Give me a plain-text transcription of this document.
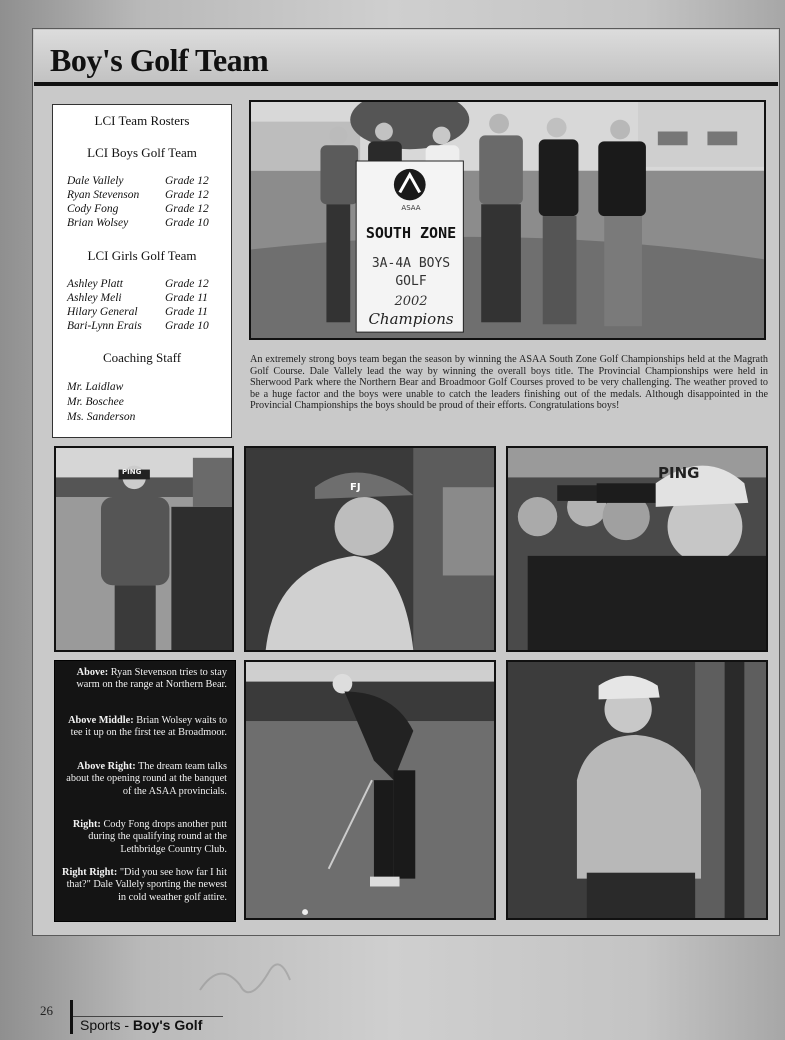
Boy's Golf Team
LCI Team Rosters
LCI Boys Golf Team
Dale Vallely	Grade 12
Ryan Stevenson Grade 12
Cody Fong	Grade 12
Brian Wolsey	Grade 10
LCI Girls Golf Team
Ashley Platt	Grade 12
Ashley Meli	Grade 11
Hilary General Grade 11
Bari-Lynn Erais Grade 10
Coaching Staff
Mr. Laidlaw
Mr. Boschee
Ms. Sanderson
ASAA
SOUTH ZONE
3A-4A BOYS
GOLF
2002
Champions

An extremely strong boys team began the season by winning the ASAA South Zone Golf Championships held at the Magrath Golf Course. Dale Vallely lead the way by winning the overall boys title. The Provincial Championships were held in Sherwood Park where the Northern Bear and Broadmoor Golf Courses proved to be very challenging. The weather proved to be a huge factor and the boys were unable to catch the leaders finishing out of the medals. Although disappointed in the Provincial Championships the boys should be proud of their efforts. Congratulations boys!

PING
FJ
PING
Above: Ryan Stevenson tries to stay warm on the range at Northern Bear.
Above Middle: Brian Wolsey waits to tee it up on the first tee at Broadmoor.
Above Right: The dream team talks about the opening round at the banquet of the ASAA provincials.
Right: Cody Fong drops another putt during the qualifying round at the Lethbridge Country Club.
Right Right: "Did you see how far I hit that?" Dale Vallely sporting the newest in cold weather golf attire.
26
Sports - Boy's Golf
